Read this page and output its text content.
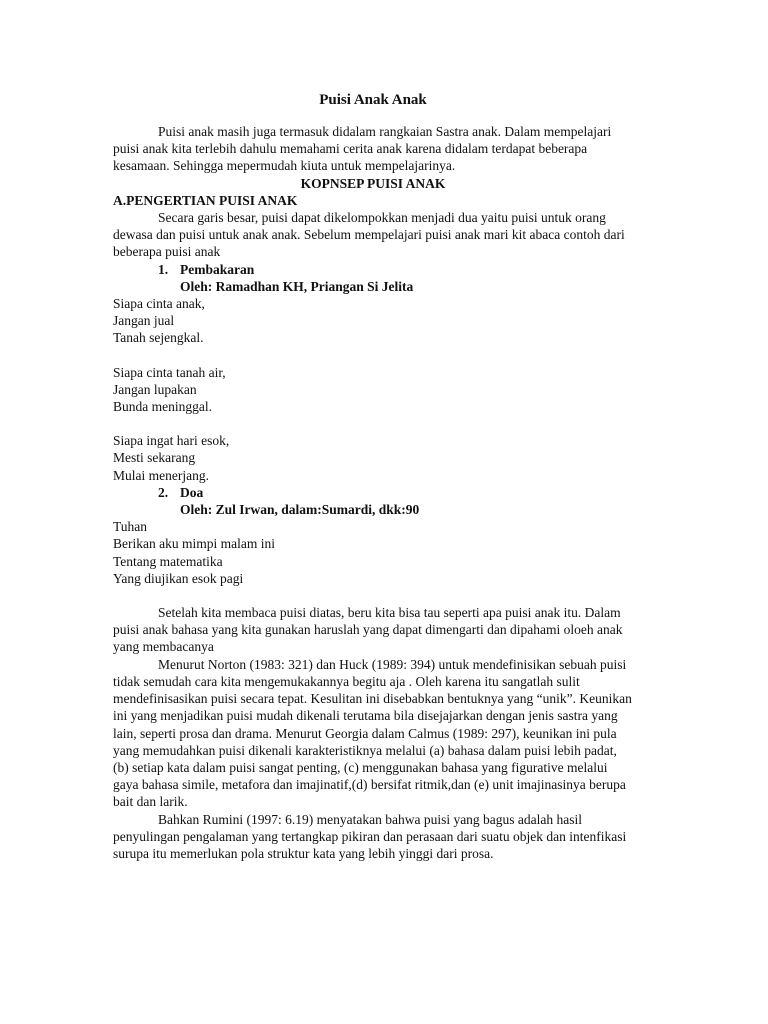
Puisi Anak Anak

Puisi anak masih juga termasuk didalam rangkaian Sastra anak. Dalam mempelajari puisi anak kita terlebih dahulu memahami cerita anak karena didalam terdapat beberapa kesamaan. Sehingga mepermudah kiuta untuk mempelajarinya.

KOPNSEP PUISI ANAK

A.PENGERTIAN PUISI ANAK

Secara garis besar, puisi dapat dikelompokkan menjadi dua yaitu puisi untuk orang dewasa dan puisi untuk anak anak. Sebelum mempelajari puisi anak mari kit abaca contoh dari beberapa puisi anak

1. Pembakaran

Oleh: Ramadhan KH, Priangan Si Jelita

Siapa cinta anak,

Jangan jual

Tanah sejengkal.

Siapa cinta tanah air,

Jangan lupakan

Bunda meninggal.

Siapa ingat hari esok,

Mesti sekarang

Mulai menerjang.

2. Doa

Oleh: Zul Irwan, dalam:Sumardi, dkk:90

Tuhan

Berikan aku mimpi malam ini

Tentang matematika

Yang diujikan esok pagi

Setelah kita membaca puisi diatas, beru kita bisa tau seperti apa puisi anak itu. Dalam puisi anak bahasa yang kita gunakan haruslah yang dapat dimengarti dan dipahami oloeh anak yang membacanya

Menurut Norton (1983: 321) dan Huck (1989: 394) untuk mendefinisikan sebuah puisi tidak semudah cara kita mengemukakannya begitu aja . Oleh karena itu sangatlah sulit mendefinisasikan puisi secara tepat. Kesulitan ini disebabkan bentuknya yang “unik”. Keunikan ini yang menjadikan puisi mudah dikenali terutama bila disejajarkan dengan jenis sastra yang lain, seperti prosa dan drama. Menurut Georgia dalam Calmus (1989: 297), keunikan ini pula yang memudahkan puisi dikenali karakteristiknya melalui (a) bahasa dalam puisi lebih padat, (b) setiap kata dalam puisi sangat penting, (c) menggunakan bahasa yang figurative melalui gaya bahasa simile, metafora dan imajinatif,(d) bersifat ritmik,dan (e) unit imajinasinya berupa bait dan larik.

Bahkan Rumini (1997: 6.19) menyatakan bahwa puisi yang bagus adalah hasil penyulingan pengalaman yang tertangkap pikiran dan perasaan dari suatu objek dan intenfikasi surupa itu memerlukan pola struktur kata yang lebih yinggi dari prosa.
